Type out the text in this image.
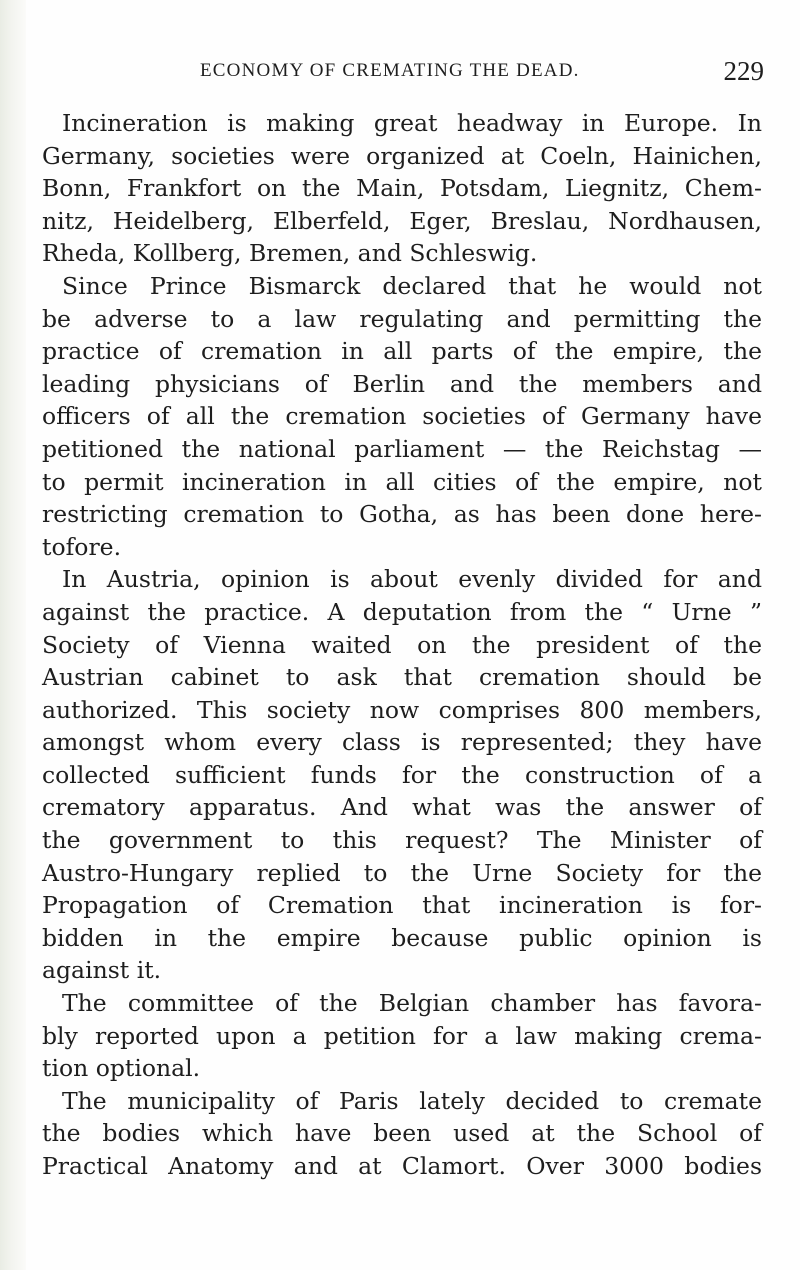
ECONOMY OF CREMATING THE DEAD.	229
Incineration is making great headway in Europe. In
Germany, societies were organized at Coeln, Hainichen,
Bonn, Frankfort on the Main, Potsdam, Liegnitz, Chem-
nitz, Heidelberg, Elberfeld, Eger, Breslau, Nordhausen,
Rheda, Kollberg, Bremen, and Schleswig.
Since Prince Bismarck declared that he would not
be adverse to a law regulating and permitting the
practice of cremation in all parts of the empire, the
leading physicians of Berlin and the members and
officers of all the cremation societies of Germany have
petitioned the national parliament — the Reichstag —
to permit incineration in all cities of the empire, not
restricting cremation to Gotha, as has been done here-
tofore.
In Austria, opinion is about evenly divided for and
against the practice. A deputation from the “ Urne ”
Society of Vienna waited on the president of the
Austrian cabinet to ask that cremation should be
authorized. This society now comprises 800 members,
amongst whom every class is represented; they have
collected sufficient funds for the construction of a
crematory apparatus. And what was the answer of
the government to this request? The Minister of
Austro-Hungary replied to the Urne Society for the
Propagation of Cremation that incineration is for-
bidden in the empire because public opinion is
against it.
The committee of the Belgian chamber has favora-
bly reported upon a petition for a law making crema-
tion optional.
The municipality of Paris lately decided to cremate
the bodies which have been used at the School of
Practical Anatomy and at Clamort. Over 3000 bodies
